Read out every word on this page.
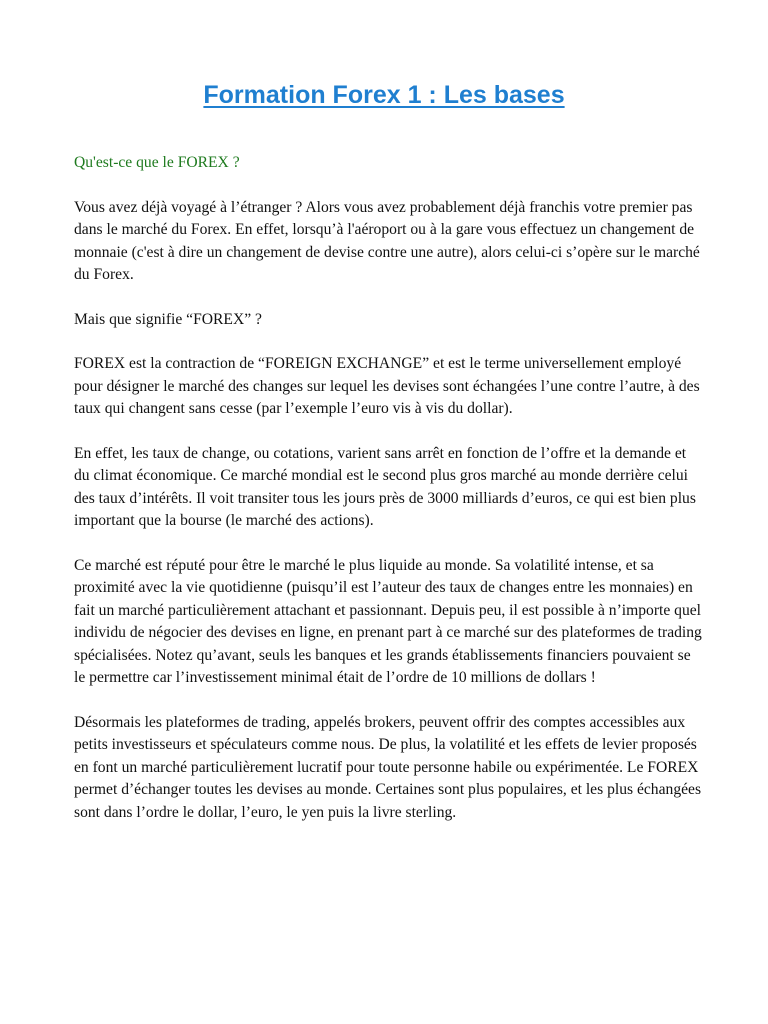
Formation Forex 1 : Les bases

Qu'est-ce que le FOREX ?

Vous avez déjà voyagé à l’étranger ? Alors vous avez probablement déjà franchis votre premier pas dans le marché du Forex. En effet, lorsqu’à l'aéroport ou à la gare vous effectuez un changement de monnaie (c'est à dire un changement de devise contre une autre), alors celui-ci s’opère sur le marché du Forex.

Mais que signifie “FOREX” ?

FOREX est la contraction de “FOREIGN EXCHANGE” et est le terme universellement employé pour désigner le marché des changes sur lequel les devises sont échangées l’une contre l’autre, à des taux qui changent sans cesse (par l’exemple l’euro vis à vis du dollar).

En effet, les taux de change, ou cotations, varient sans arrêt en fonction de l’offre et la demande et du climat économique. Ce marché mondial est le second plus gros marché au monde derrière celui des taux d’intérêts. Il voit transiter tous les jours près de 3000 milliards d’euros, ce qui est bien plus important que la bourse (le marché des actions).

Ce marché est réputé pour être le marché le plus liquide au monde. Sa volatilité intense, et sa proximité avec la vie quotidienne (puisqu’il est l’auteur des taux de changes entre les monnaies) en fait un marché particulièrement attachant et passionnant. Depuis peu, il est possible à n’importe quel individu de négocier des devises en ligne, en prenant part à ce marché sur des plateformes de trading spécialisées. Notez qu’avant, seuls les banques et les grands établissements financiers pouvaient se le permettre car l’investissement minimal était de l’ordre de 10 millions de dollars !

Désormais les plateformes de trading, appelés brokers, peuvent offrir des comptes accessibles aux petits investisseurs et spéculateurs comme nous. De plus, la volatilité et les effets de levier proposés en font un marché particulièrement lucratif pour toute personne habile ou expérimentée. Le FOREX permet d’échanger toutes les devises au monde. Certaines sont plus populaires, et les plus échangées sont dans l’ordre le dollar, l’euro, le yen puis la livre sterling.
